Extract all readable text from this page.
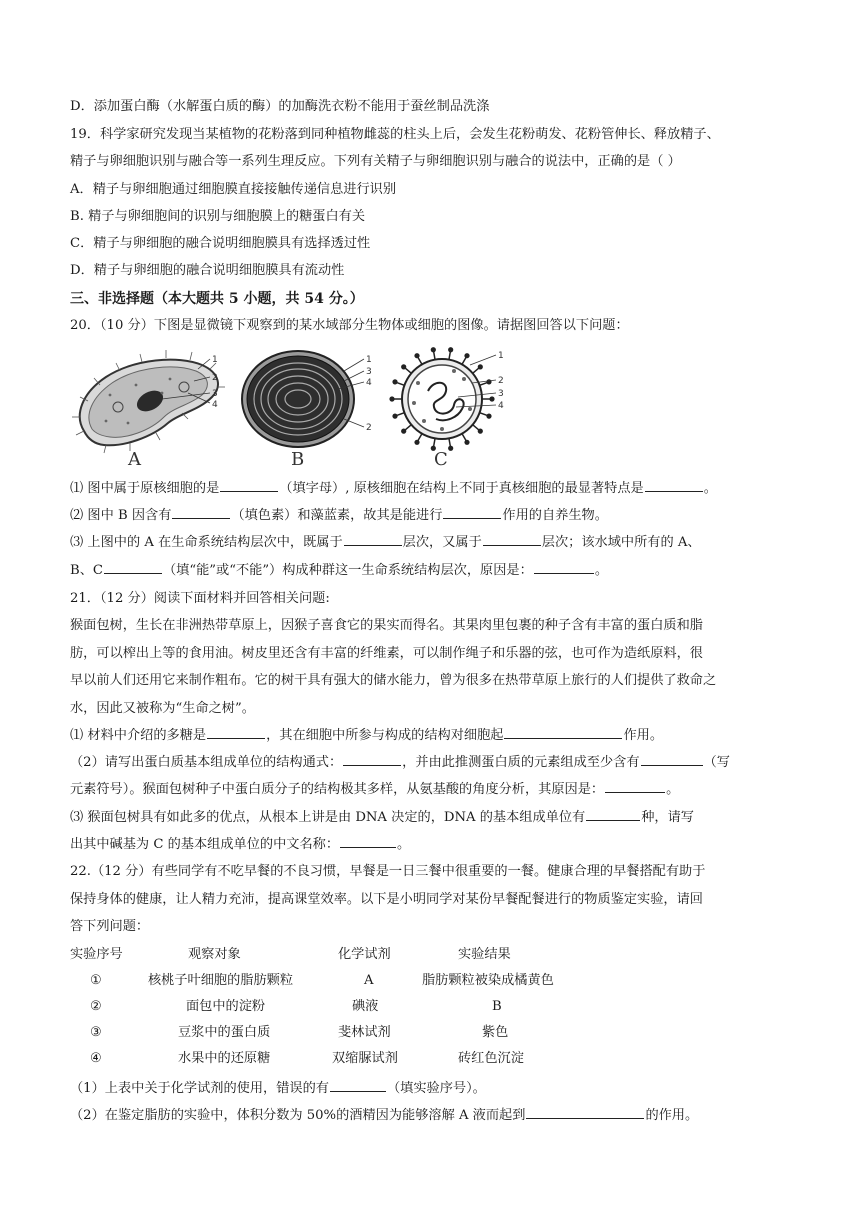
D．添加蛋白酶（水解蛋白质的酶）的加酶洗衣粉不能用于蚕丝制品洗涤
19．科学家研究发现当某植物的花粉落到同种植物雌蕊的柱头上后，会发生花粉萌发、花粉管伸长、释放精子、
精子与卵细胞识别与融合等一系列生理反应。下列有关精子与卵细胞识别与融合的说法中，正确的是（ ）
A．精子与卵细胞通过细胞膜直接接触传递信息进行识别
B. 精子与卵细胞间的识别与细胞膜上的糖蛋白有关
C．精子与卵细胞的融合说明细胞膜具有选择透过性
D．精子与卵细胞的融合说明细胞膜具有流动性
三、非选择题（本大题共 5 小题，共 54 分。）
20．（10 分）下图是显微镜下观察到的某水域部分生物体或细胞的图像。请据图回答以下问题：
1
2
3
4
A
1
3
4
2
B
1
2
3
4
C
⑴ 图中属于原核细胞的是	（填字母）, 原核细胞在结构上不同于真核细胞的最显著特点是	。
⑵ 图中 B 因含有	（填色素）和藻蓝素，故其是能进行	作用的自养生物。
⑶ 上图中的 A 在生命系统结构层次中，既属于	层次，又属于	层次；该水域中所有的 A、
B、C	（填“能”或“不能”）构成种群这一生命系统结构层次，原因是：	。
21．（12 分）阅读下面材料并回答相关问题:
猴面包树，生长在非洲热带草原上，因猴子喜食它的果实而得名。其果肉里包裹的种子含有丰富的蛋白质和脂
肪，可以榨出上等的食用油。树皮里还含有丰富的纤维素，可以制作绳子和乐器的弦，也可作为造纸原料，很
早以前人们还用它来制作粗布。它的树干具有强大的储水能力，曾为很多在热带草原上旅行的人们提供了救命之
水，因此又被称为“生命之树”。
⑴ 材料中介绍的多糖是	，其在细胞中所参与构成的结构对细胞起	作用。
（2）请写出蛋白质基本组成单位的结构通式：	，并由此推测蛋白质的元素组成至少含有	（写
元素符号）。猴面包树种子中蛋白质分子的结构极其多样，从氨基酸的角度分析，其原因是：	。
⑶ 猴面包树具有如此多的优点，从根本上讲是由 DNA 决定的，DNA 的基本组成单位有	种，请写
出其中碱基为 C 的基本组成单位的中文名称：	。
22.（12 分）有些同学有不吃早餐的不良习惯，早餐是一日三餐中很重要的一餐。健康合理的早餐搭配有助于
保持身体的健康，让人精力充沛，提高课堂效率。以下是小明同学对某份早餐配餐进行的物质鉴定实验，请回
答下列问题：
实验序号	观察对象	化学试剂	实验结果
①	核桃子叶细胞的脂肪颗粒	A	脂肪颗粒被染成橘黄色
②	面包中的淀粉	碘液	B
③	豆浆中的蛋白质	斐林试剂	紫色
④	水果中的还原糖	双缩脲试剂	砖红色沉淀
（1）上表中关于化学试剂的使用，错误的有	（填实验序号）。
（2）在鉴定脂肪的实验中，体积分数为 50%的酒精因为能够溶解 A 液而起到	的作用。
